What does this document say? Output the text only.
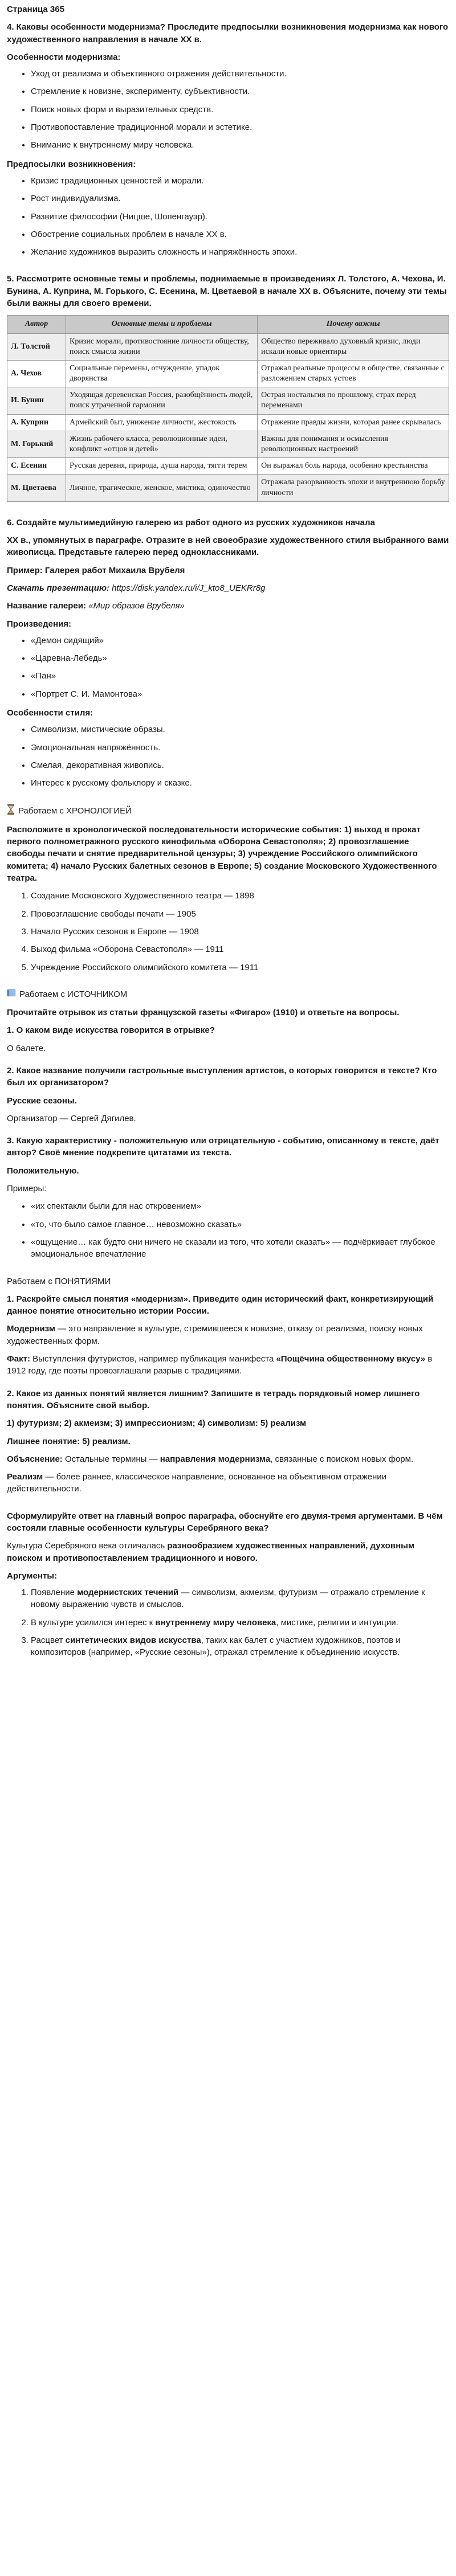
Страница 365
4. Каковы особенности модернизма? Проследите предпосылки возникновения модернизма как нового художественного направления в начале XX в.
Особенности модернизма:
• Уход от реализма и объективного отражения действительности.
• Стремление к новизне, эксперименту, субъективности.
• Поиск новых форм и выразительных средств.
• Противопоставление традиционной морали и эстетике.
• Внимание к внутреннему миру человека.
Предпосылки возникновения:
• Кризис традиционных ценностей и морали.
• Рост индивидуализма.
• Развитие философии (Ницше, Шопенгауэр).
• Обострение социальных проблем в начале XX в.
• Желание художников выразить сложность и напряжённость эпохи.
5. Рассмотрите основные темы и проблемы, поднимаемые в произведениях Л. Толстого, А. Чехова, И. Бунина, А. Куприна, М. Горького, С. Есенина, М. Цветаевой в начале XX в. Объясните, почему эти темы были важны для своего времени.
Автор	Основные темы и проблемы	Почему важны
Л. Толстой	Кризис морали, противостояние личности обществу, поиск смысла жизни	Общество переживало духовный кризис, люди искали новые ориентиры
А. Чехов	Социальные перемены, отчуждение, упадок дворянства	Отражал реальные процессы в обществе, связанные с разложением старых устоев
И. Бунин	Уходящая деревенская Россия, разобщённость людей, поиск утраченной гармонии	Острая ностальгия по прошлому, страх перед переменами
А. Куприн	Армейский быт, унижение личности, жестокость	Отражение правды жизни, которая ранее скрывалась
М. Горький	Жизнь рабочего класса, революционные идеи, конфликт «отцов и детей»	Важны для понимания и осмысления революционных настроений
С. Есенин	Русская деревня, природа, душа народа, тягги терем	Он выражал боль народа, особенно крестьянства
М. Цветаева	Личное, трагическое, женское, мистика, одиночество	Отражала разорванность эпохи и внутреннюю борьбу личности
6. Создайте мультимедийную галерею из работ одного из русских художников начала
XX в., упомянутых в параграфе. Отразите в ней своеобразие художественного стиля выбранного вами живописца. Представьте галерею перед одноклассниками.

Пример: Галерея работ Михаила Врубеля

Скачать презентацию: https://disk.yandex.ru/i/J_kto8_UEKRr8g

Название галереи: «Мир образов Врубеля»

Произведения:
• «Демон сидящий»
• «Царевна-Лебедь»
• «Пан»
• «Портрет С. И. Мамонтова»
Особенности стиля:
• Символизм, мистические образы.
• Эмоциональная напряжённость.
• Смелая, декоративная живопись.
• Интерес к русскому фольклору и сказке.
Работаем с ХРОНОЛОГИЕЙ

Расположите в хронологической последовательности исторические события: 1) выход в прокат первого полнометражного русского кинофильма «Оборона Севастополя»; 2) провозглашение свободы печати и снятие предварительной цензуры; 3) учреждение Российского олимпийского комитета; 4) начало Русских балетных сезонов в Европе; 5) создание Московского Художественного театра.

1. Создание Московского Художественного театра — 1898
2. Провозглашение свободы печати — 1905
3. Начало Русских сезонов в Европе — 1908
4. Выход фильма «Оборона Севастополя» — 1911
5. Учреждение Российского олимпийского комитета — 1911
Работаем с ИСТОЧНИКОМ

Прочитайте отрывок из статьи французской газеты «Фигаро» (1910) и ответьте на вопросы.

1. О каком виде искусства говорится в отрывке?

О балете.

2. Какое название получили гастрольные выступления артистов, о которых говорится в тексте? Кто был их организатором?

Русские сезоны.

Организатор — Сергей Дягилев.

3. Какую характеристику - положительную или отрицательную - событию, описанному в тексте, даёт автор? Своё мнение подкрепите цитатами из текста.

Положительную.

Примеры:

• «их спектакли были для нас откровением»
• «то, что было самое главное… невозможно сказать»
• «ощущение… как будто они ничего не сказали из того, что хотели сказать» — подчёркивает глубокое эмоциональное впечатление
Работаем с ПОНЯТИЯМИ

1. Раскройте смысл понятия «модернизм». Приведите один исторический факт, конкретизирующий данное понятие относительно истории России.

Модернизм — это направление в культуре, стремившееся к новизне, отказу от реализма, поиску новых художественных форм.

Факт: Выступления футуристов, например публикация манифеста «Пощёчина общественному вкусу» в 1912 году, где поэты провозглашали разрыв с традициями.

2. Какое из данных понятий является лишним? Запишите в тетрадь порядковый номер лишнего понятия. Объясните свой выбор.

1) футуризм; 2) акмеизм; 3) импрессионизм; 4) символизм: 5) реализм

Лишнее понятие: 5) реализм.

Объяснение: Остальные термины — направления модернизма, связанные с поиском новых форм.

Реализм — более раннее, классическое направление, основанное на объективном отражении действительности.

Сформулируйте ответ на главный вопрос параграфа, обоснуйте его двумя-тремя аргументами. В чём состояли главные особенности культуры Серебряного века?

Культура Серебряного века отличалась разнообразием художественных направлений, духовным поиском и противопоставлением традиционного и нового.

Аргументы:
1. Появление модернистских течений — символизм, акмеизм, футуризм — отражало стремление к новому выражению чувств и смыслов.
2. В культуре усилился интерес к внутреннему миру человека, мистике, религии и интуиции.
3. Расцвет синтетических видов искусства, таких как балет с участием художников, поэтов и композиторов (например, «Русские сезоны»), отражал стремление к объединению искусств.
